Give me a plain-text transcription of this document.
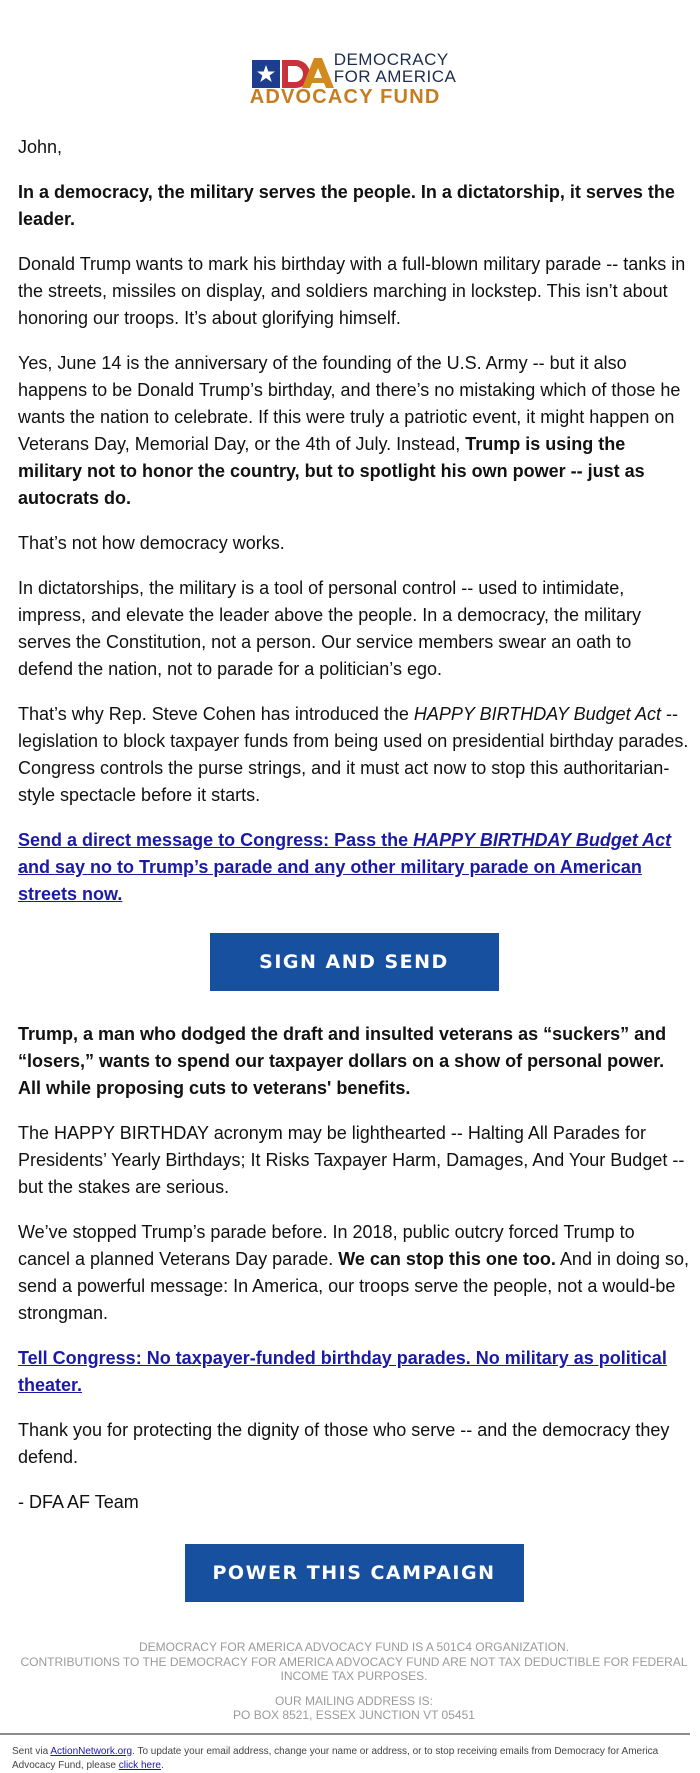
DEMOCRACY
FOR AMERICA
ADVOCACY FUND

John,

In a democracy, the military serves the people. In a dictatorship, it serves the leader.

Donald Trump wants to mark his birthday with a full-blown military parade -- tanks in the streets, missiles on display, and soldiers marching in lockstep. This isn’t about honoring our troops. It’s about glorifying himself.

Yes, June 14 is the anniversary of the founding of the U.S. Army -- but it also happens to be Donald Trump’s birthday, and there’s no mistaking which of those he wants the nation to celebrate. If this were truly a patriotic event, it might happen on Veterans Day, Memorial Day, or the 4th of July. Instead, Trump is using the military not to honor the country, but to spotlight his own power -- just as autocrats do.

That’s not how democracy works.

In dictatorships, the military is a tool of personal control -- used to intimidate, impress, and elevate the leader above the people. In a democracy, the military serves the Constitution, not a person. Our service members swear an oath to defend the nation, not to parade for a politician’s ego.

That’s why Rep. Steve Cohen has introduced the HAPPY BIRTHDAY Budget Act -- legislation to block taxpayer funds from being used on presidential birthday parades. Congress controls the purse strings, and it must act now to stop this authoritarian-style spectacle before it starts.

Send a direct message to Congress: Pass the HAPPY BIRTHDAY Budget Act and say no to Trump’s parade and any other military parade on American streets now.

SIGN AND SEND

Trump, a man who dodged the draft and insulted veterans as “suckers” and “losers,” wants to spend our taxpayer dollars on a show of personal power. All while proposing cuts to veterans' benefits.

The HAPPY BIRTHDAY acronym may be lighthearted -- Halting All Parades for Presidents’ Yearly Birthdays; It Risks Taxpayer Harm, Damages, And Your Budget -- but the stakes are serious.

We’ve stopped Trump’s parade before. In 2018, public outcry forced Trump to cancel a planned Veterans Day parade. We can stop this one too. And in doing so, send a powerful message: In America, our troops serve the people, not a would-be strongman.

Tell Congress: No taxpayer-funded birthday parades. No military as political theater.

Thank you for protecting the dignity of those who serve -- and the democracy they defend.

- DFA AF Team

POWER THIS CAMPAIGN
DEMOCRACY FOR AMERICA ADVOCACY FUND IS A 501C4 ORGANIZATION.
CONTRIBUTIONS TO THE DEMOCRACY FOR AMERICA ADVOCACY FUND ARE NOT TAX DEDUCTIBLE FOR FEDERAL INCOME TAX PURPOSES.
OUR MAILING ADDRESS IS:
PO BOX 8521, ESSEX JUNCTION VT 05451
Sent via ActionNetwork.org. To update your email address, change your name or address, or to stop receiving emails from Democracy for America Advocacy Fund, please click here.
